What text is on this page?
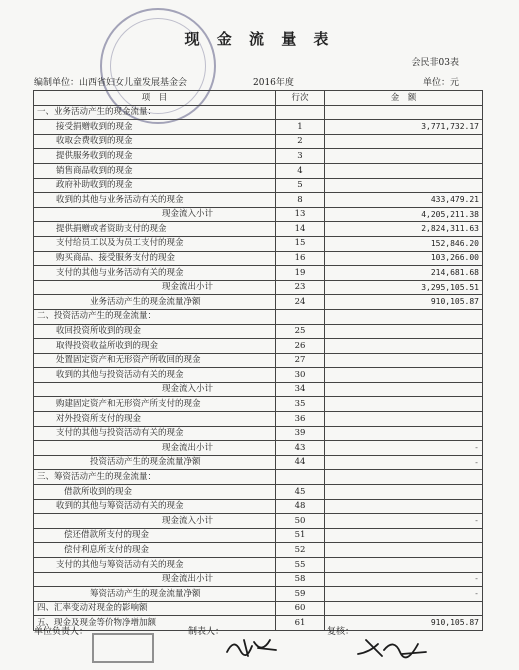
现 金 流 量 表
会民非03表
编制单位：山西省妇女儿童发展基金会	2016年度	单位：元
项　目	行次	金　额
一、业务活动产生的现金流量：		
接受捐赠收到的现金	1	3,771,732.17
收取会费收到的现金	2	
提供服务收到的现金	3	
销售商品收到的现金	4	
政府补助收到的现金	5	
收到的其他与业务活动有关的现金	8	433,479.21
现金流入小计	13	4,205,211.38
提供捐赠或者资助支付的现金	14	2,824,311.63
支付给员工以及为员工支付的现金	15	152,846.20
购买商品、接受服务支付的现金	16	103,266.00
支付的其他与业务活动有关的现金	19	214,681.68
现金流出小计	23	3,295,105.51
业务活动产生的现金流量净额	24	910,105.87
二、投资活动产生的现金流量：		
收回投资所收到的现金	25	
取得投资收益所收到的现金	26	
处置固定资产和无形资产所收回的现金	27	
收到的其他与投资活动有关的现金	30	
现金流入小计	34	
购建固定资产和无形资产所支付的现金	35	
对外投资所支付的现金	36	
支付的其他与投资活动有关的现金	39	
现金流出小计	43	-
投资活动产生的现金流量净额	44	-
三、筹资活动产生的现金流量：		
借款所收到的现金	45	
收到的其他与筹资活动有关的现金	48	
现金流入小计	50	-
偿还借款所支付的现金	51	
偿付利息所支付的现金	52	
支付的其他与筹资活动有关的现金	55	
现金流出小计	58	-
筹资活动产生的现金流量净额	59	-
四、汇率变动对现金的影响额	60	
五、现金及现金等价物净增加额	61	910,105.87
单位负责人：	制表人：	复核：
